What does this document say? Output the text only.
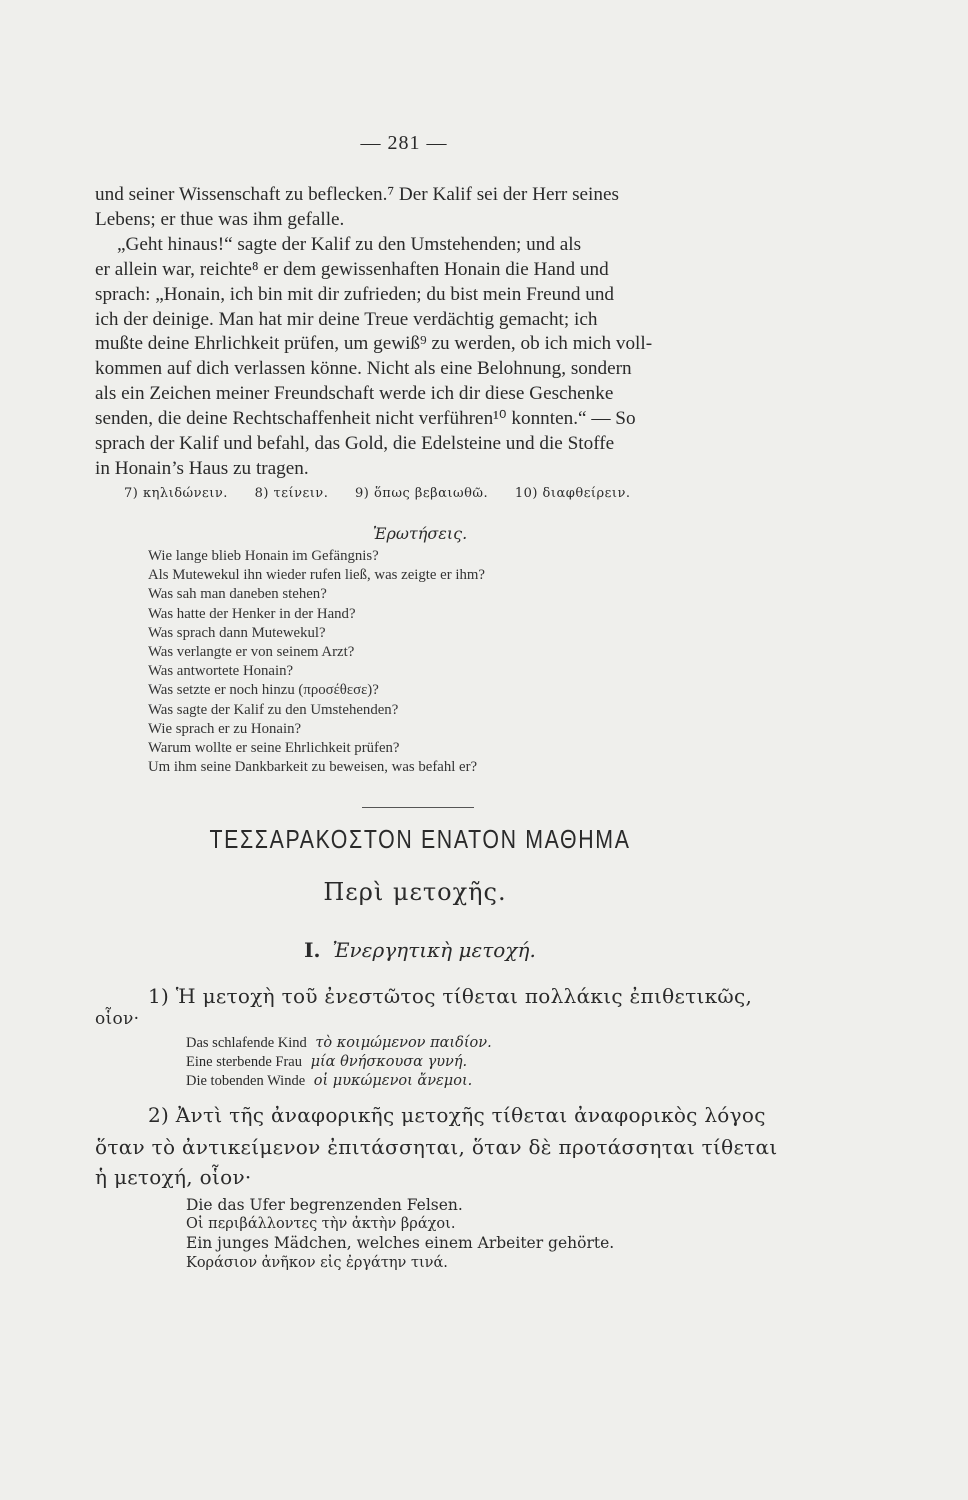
— 281 —
und seiner Wissenschaft zu beflecken.⁷ Der Kalif sei der Herr seines
Lebens; er thue was ihm gefalle.
„Geht hinaus!“ sagte der Kalif zu den Umstehenden; und als
er allein war, reichte⁸ er dem gewissenhaften Honain die Hand und
sprach: „Honain, ich bin mit dir zufrieden; du bist mein Freund und
ich der deinige. Man hat mir deine Treue verdächtig gemacht; ich
mußte deine Ehrlichkeit prüfen, um gewiß⁹ zu werden, ob ich mich voll-
kommen auf dich verlassen könne. Nicht als eine Belohnung, sondern
als ein Zeichen meiner Freundschaft werde ich dir diese Geschenke
senden, die deine Rechtschaffenheit nicht verführen¹⁰ konnten.“ — So
sprach der Kalif und befahl, das Gold, die Edelsteine und die Stoffe
in Honain’s Haus zu tragen.
7) κηλιδώνειν. 8) τείνειν. 9) ὅπως βεβαιωθῶ. 10) διαφθείρειν.
Ἐρωτήσεις.
Wie lange blieb Honain im Gefängnis?
Als Mutewekul ihn wieder rufen ließ, was zeigte er ihm?
Was sah man daneben stehen?
Was hatte der Henker in der Hand?
Was sprach dann Mutewekul?
Was verlangte er von seinem Arzt?
Was antwortete Honain?
Was setzte er noch hinzu (προσέθεσε)?
Was sagte der Kalif zu den Umstehenden?
Wie sprach er zu Honain?
Warum wollte er seine Ehrlichkeit prüfen?
Um ihm seine Dankbarkeit zu beweisen, was befahl er?
ΤΕΣΣΑΡΑΚΟΣΤΟΝ ΕΝΑΤΟΝ ΜΑΘΗΜΑ
Περὶ μετοχῆς.
I. Ἐνεργητικὴ μετοχή.
1) Ἡ μετοχὴ τοῦ ἐνεστῶτος τίθεται πολλάκις ἐπιθετικῶς,
οἷον·
Das schlafende Kind τὸ κοιμώμενον παιδίον.
Eine sterbende Frau μία θνήσκουσα γυνή.
Die tobenden Winde οἱ μυκώμενοι ἄνεμοι.
2) Ἀντὶ τῆς ἀναφορικῆς μετοχῆς τίθεται ἀναφορικὸς λόγος
ὅταν τὸ ἀντικείμενον ἐπιτάσσηται, ὅταν δὲ προτάσσηται τίθεται
ἡ μετοχή, οἷον·
Die das Ufer begrenzenden Felsen.
Οἱ περιβάλλοντες τὴν ἀκτὴν βράχοι.
Ein junges Mädchen, welches einem Arbeiter gehörte.
Κοράσιον ἀνῆκον εἰς ἐργάτην τινά.
